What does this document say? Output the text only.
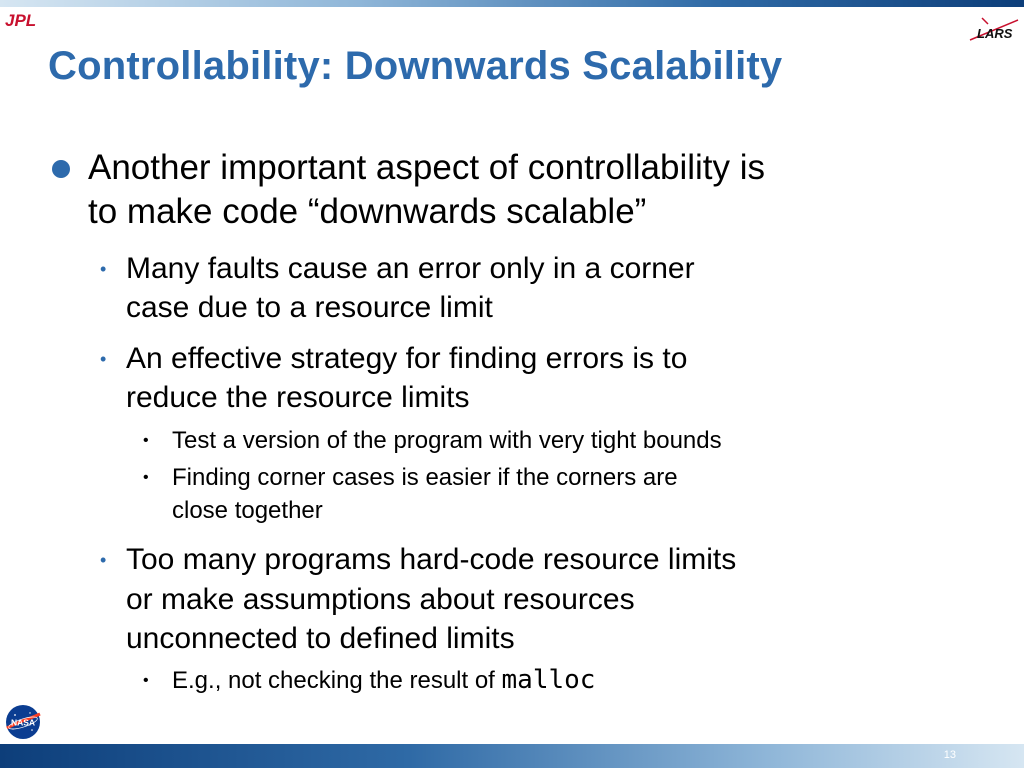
JPL
LARS
Controllability: Downwards Scalability
Another important aspect of controllability is
to make code “downwards scalable”
• Many faults cause an error only in a corner
case due to a resource limit
• An effective strategy for finding errors is to
reduce the resource limits
• Test a version of the program with very tight bounds
• Finding corner cases is easier if the corners are
close together
• Too many programs hard-code resource limits
or make assumptions about resources
unconnected to defined limits
• E.g., not checking the result of malloc
NASA
13
